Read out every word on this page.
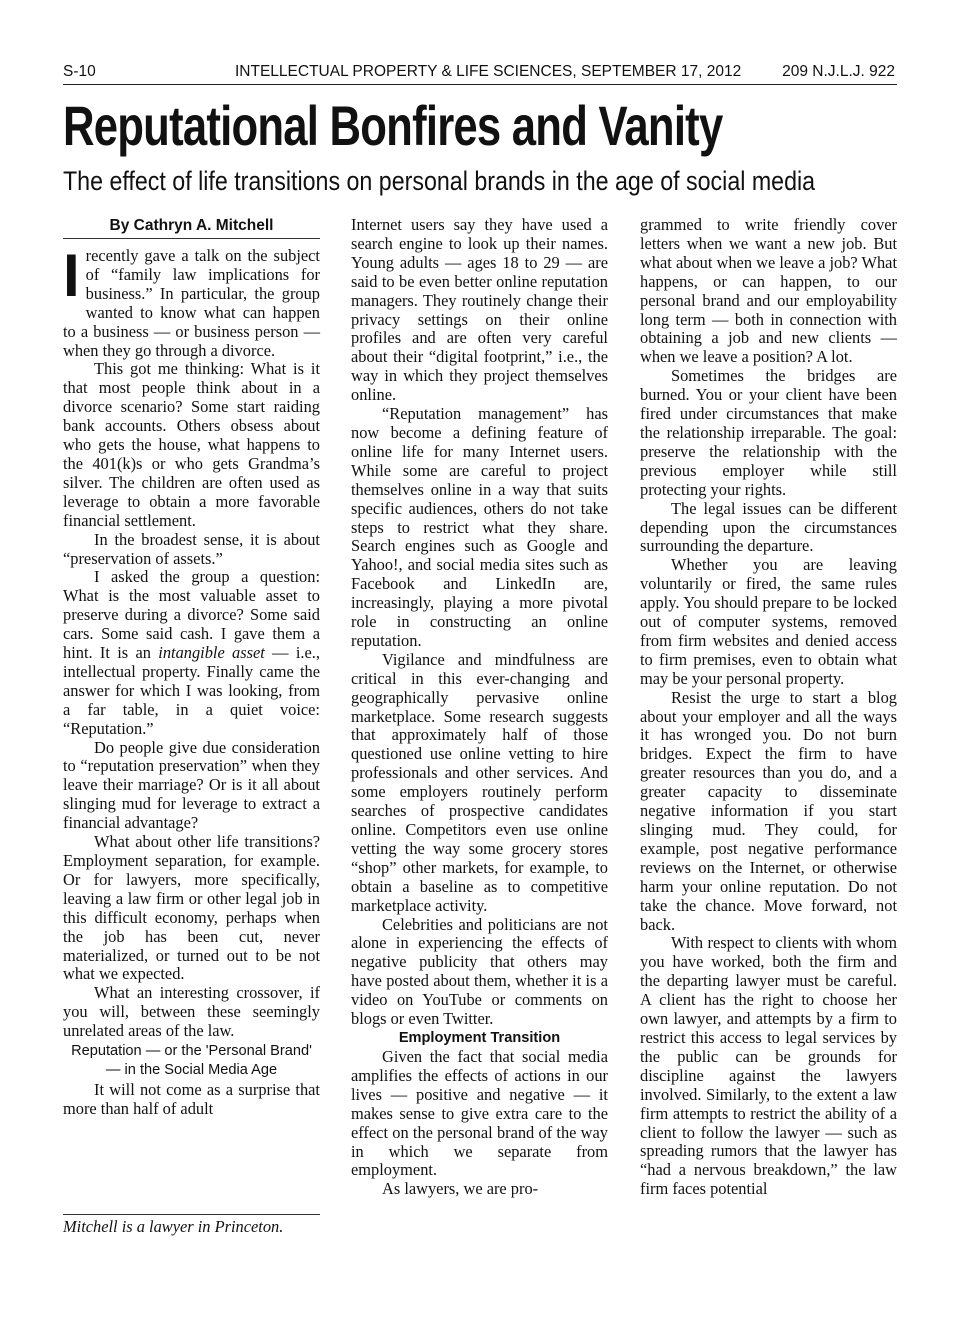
S-10	INTELLECTUAL PROPERTY & LIFE SCIENCES, SEPTEMBER 17, 2012	209 N.J.L.J. 922
Reputational Bonfires and Vanity
The effect of life transitions on personal brands in the age of social media
By Cathryn A. Mitchell

Irecently gave a talk on the subject of “family law implications for business.” In particular, the group wanted to know what can happen to a business — or business person — when they go through a divorce.

This got me thinking: What is it that most people think about in a divorce scenario? Some start raiding bank accounts. Others obsess about who gets the house, what happens to the 401(k)s or who gets Grandma’s silver. The children are often used as leverage to obtain a more favorable financial settlement.

In the broadest sense, it is about “preservation of assets.”

I asked the group a question: What is the most valuable asset to preserve during a divorce? Some said cars. Some said cash. I gave them a hint. It is an intangible asset — i.e., intellectual property. Finally came the answer for which I was looking, from a far table, in a quiet voice: “Reputation.”

Do people give due consideration to “reputation preservation” when they leave their marriage? Or is it all about slinging mud for leverage to extract a financial advantage?

What about other life transitions? Employment separation, for example. Or for lawyers, more specifically, leaving a law firm or other legal job in this difficult economy, perhaps when the job has been cut, never materialized, or turned out to be not what we expected.

What an interesting crossover, if you will, between these seemingly unrelated areas of the law.

Reputation — or the 'Personal Brand'
— in the Social Media Age

It will not come as a surprise that more than half of adult

Mitchell is a lawyer in Princeton.

Internet users say they have used a search engine to look up their names. Young adults — ages 18 to 29 — are said to be even better online reputation managers. They routinely change their privacy settings on their online profiles and are often very careful about their “digital footprint,” i.e., the way in which they project themselves online.

“Reputation management” has now become a defining feature of online life for many Internet users. While some are careful to project themselves online in a way that suits specific audiences, others do not take steps to restrict what they share. Search engines such as Google and Yahoo!, and social media sites such as Facebook and LinkedIn are, increasingly, playing a more pivotal role in constructing an online reputation.

Vigilance and mindfulness are critical in this ever-changing and geographically pervasive online marketplace. Some research suggests that approximately half of those questioned use online vetting to hire professionals and other services. And some employers routinely perform searches of prospective candidates online. Competitors even use online vetting the way some grocery stores “shop” other markets, for example, to obtain a baseline as to competitive marketplace activity.

Celebrities and politicians are not alone in experiencing the effects of negative publicity that others may have posted about them, whether it is a video on YouTube or comments on blogs or even Twitter.

Employment Transition

Given the fact that social media amplifies the effects of actions in our lives — positive and negative — it makes sense to give extra care to the effect on the personal brand of the way in which we separate from employment.

As lawyers, we are pro-

grammed to write friendly cover letters when we want a new job. But what about when we leave a job? What happens, or can happen, to our personal brand and our employability long term — both in connection with obtaining a job and new clients — when we leave a position? A lot.

Sometimes the bridges are burned. You or your client have been fired under circumstances that make the relationship irreparable. The goal: preserve the relationship with the previous employer while still protecting your rights.

The legal issues can be different depending upon the circumstances surrounding the departure.

Whether you are leaving voluntarily or fired, the same rules apply. You should prepare to be locked out of computer systems, removed from firm websites and denied access to firm premises, even to obtain what may be your personal property.

Resist the urge to start a blog about your employer and all the ways it has wronged you. Do not burn bridges. Expect the firm to have greater resources than you do, and a greater capacity to disseminate negative information if you start slinging mud. They could, for example, post negative performance reviews on the Internet, or otherwise harm your online reputation. Do not take the chance. Move forward, not back.

With respect to clients with whom you have worked, both the firm and the departing lawyer must be careful. A client has the right to choose her own lawyer, and attempts by a firm to restrict this access to legal services by the public can be grounds for discipline against the lawyers involved. Similarly, to the extent a law firm attempts to restrict the ability of a client to follow the lawyer — such as spreading rumors that the lawyer has “had a nervous breakdown,” the law firm faces potential
